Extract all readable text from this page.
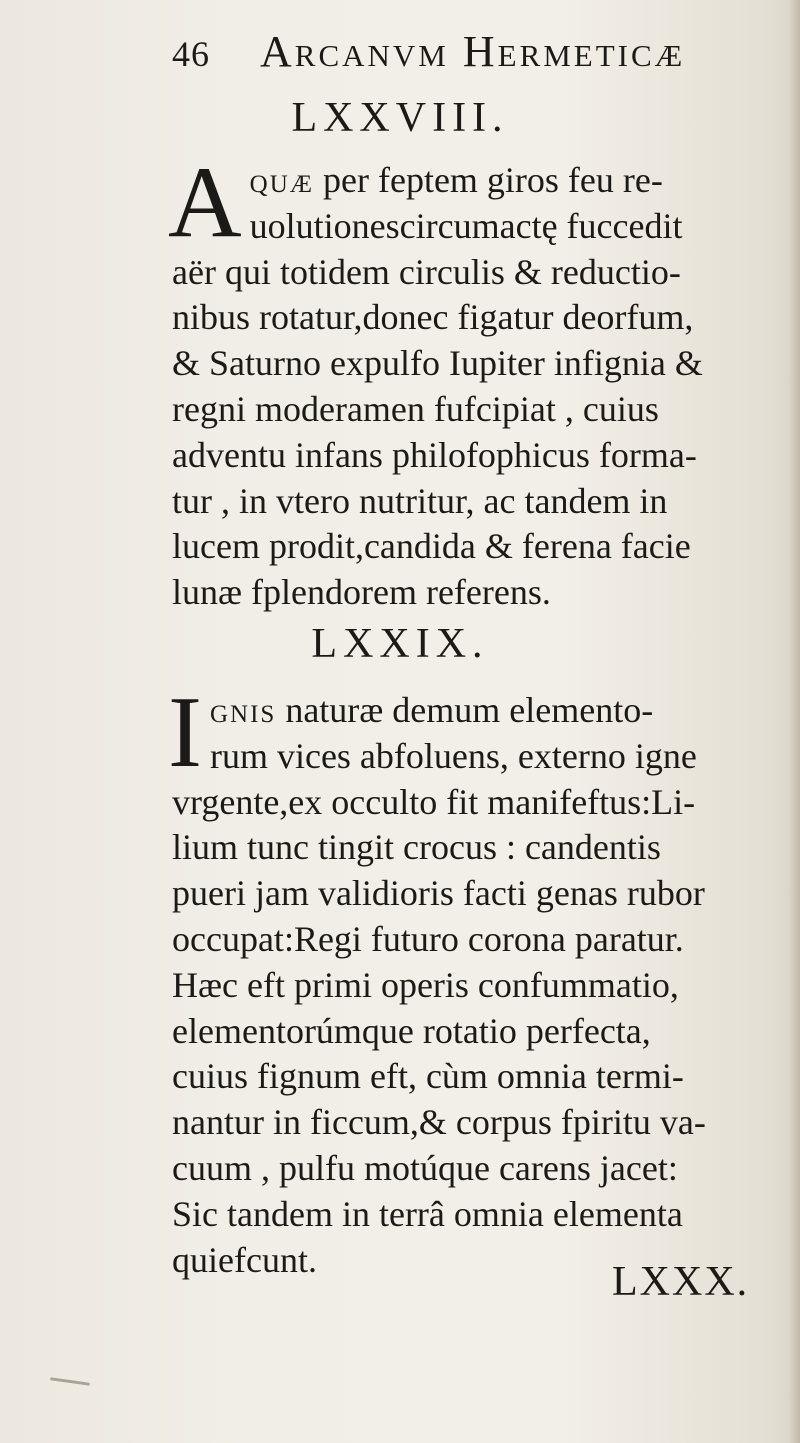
46 Arcanvm Hermeticæ
LXXVIII.
A quæ per feptem giros feu re-
uolutionescircumactę fuccedit
aër qui totidem circulis & reductio-
nibus rotatur,donec figatur deorfum,
& Saturno expulfo Iupiter infignia &
regni moderamen fufcipiat , cuius
adventu infans philofophicus forma-
tur , in vtero nutritur, ac tandem in
lucem prodit,candida & ferena facie
lunæ fplendorem referens.
LXXIX.
I gnis naturæ demum elemento-
rum vices abfoluens, externo igne
vrgente,ex occulto fit manifeftus:Li-
lium tunc tingit crocus : candentis
pueri jam validioris facti genas rubor
occupat:Regi futuro corona paratur.
Hæc eft primi operis confummatio,
elementorúmque rotatio perfecta,
cuius fignum eft, cùm omnia termi-
nantur in ficcum,& corpus fpiritu va-
cuum , pulfu motúque carens jacet:
Sic tandem in terrâ omnia elementa
quiefcunt.	LXXX.
